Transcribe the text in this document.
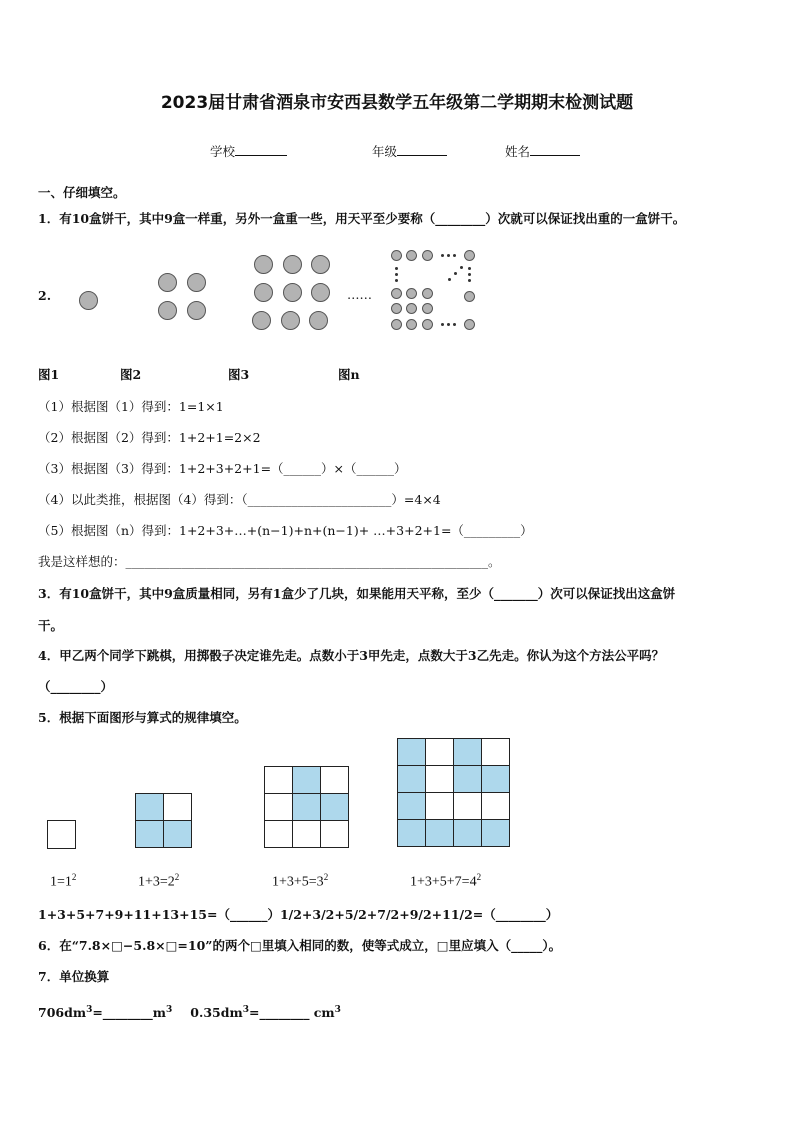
2023届甘肃省酒泉市安西县数学五年级第二学期期末检测试题
学校	年级	姓名
一、仔细填空。
1．有10盒饼干，其中9盒一样重，另外一盒重一些，用天平至少要称（________）次就可以保证找出重的一盒饼干。
2.	……
图1	图2	图3	图n
（1）根据图（1）得到：1=1×1
（2）根据图（2）得到：1+2+1=2×2
（3）根据图（3）得到：1+2+3+2+1=（______）×（______）
（4）以此类推，根据图（4）得到：（_______________________）=4×4
（5）根据图（n）得到：1+2+3+…+(n−1)+n+(n−1)+ …+3+2+1=（_________）
我是这样想的：__________________________________________________________。
3．有10盒饼干，其中9盒质量相同，另有1盒少了几块，如果能用天平称，至少（_______）次可以保证找出这盒饼
干。
4．甲乙两个同学下跳棋，用掷骰子决定谁先走。点数小于3甲先走，点数大于3乙先走。你认为这个方法公平吗？
（________）
5．根据下面图形与算式的规律填空。

$1=1^2$	$1+3=2^2$	$1+3+5=3^2$	$1+3+5+7=4^2$
1+3+5+7+9+11+13+15=（______）1/2+3/2+5/2+7/2+9/2+11/2=（________）
6．在“7.8×□−5.8×□=10”的两个□里填入相同的数，使等式成立，□里应填入（_____）。
7．单位换算
$706dm^3=\_\_\_\_\_\_\_\_m^3$ $0.35dm^3=\_\_\_\_\_\_\_\_$ $cm^3$
